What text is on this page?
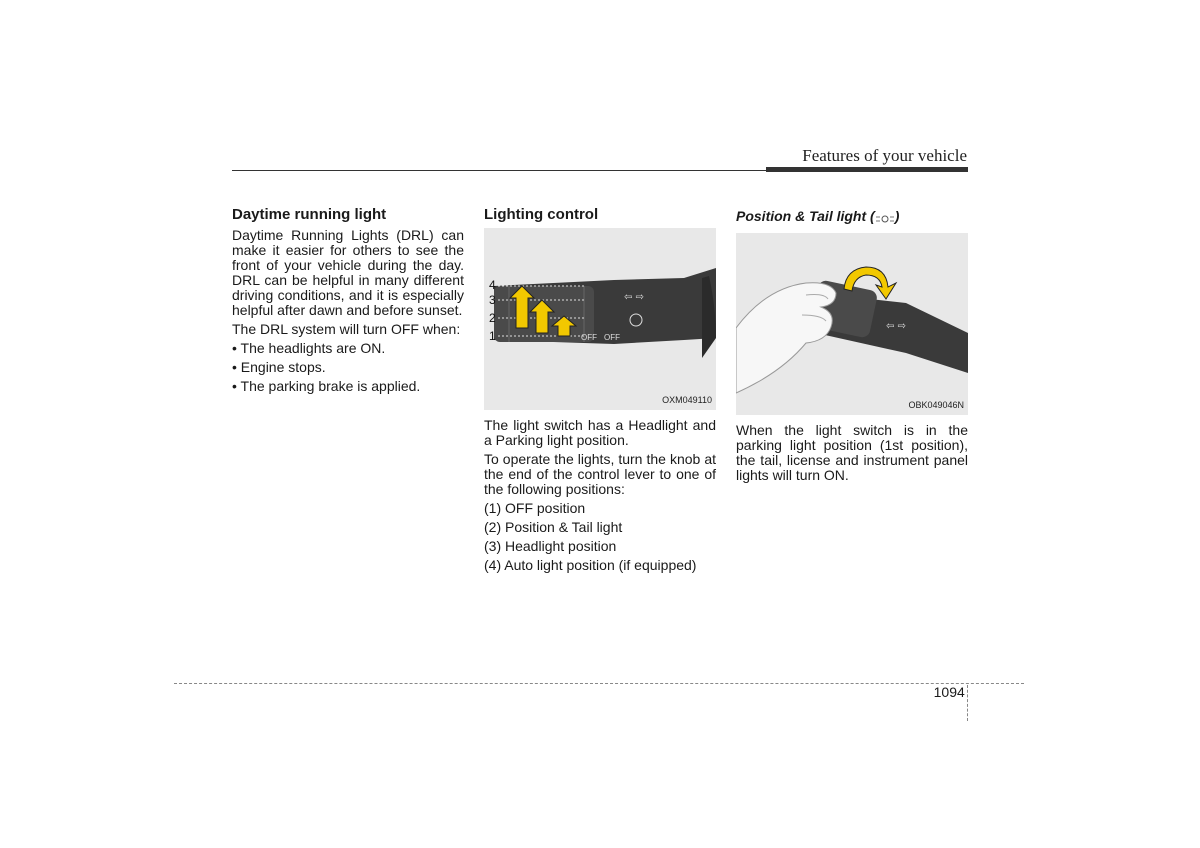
Features of your vehicle
Daytime running light
Daytime Running Lights (DRL) can make it easier for others to see the front of your vehicle during the day. DRL can be helpful in many different driving conditions, and it is especially helpful after dawn and before sunset.
The DRL system will turn OFF when:
• The headlights are ON.
• Engine stops.
• The parking brake is applied.
Lighting control
⇦ ⇨
OFF
OFF
4
3
2
1
OXM049110
The light switch has a Headlight and a Parking light position.
To operate the lights, turn the knob at the end of the control lever to one of the following positions:
(1) OFF position
(2) Position & Tail light
(3) Headlight position
(4) Auto light position (if equipped)
Position & Tail light ( )
⇦ ⇨
OBK049046N
When the light switch is in the parking light position (1st position), the tail, license and instrument panel lights will turn ON.
4
109
